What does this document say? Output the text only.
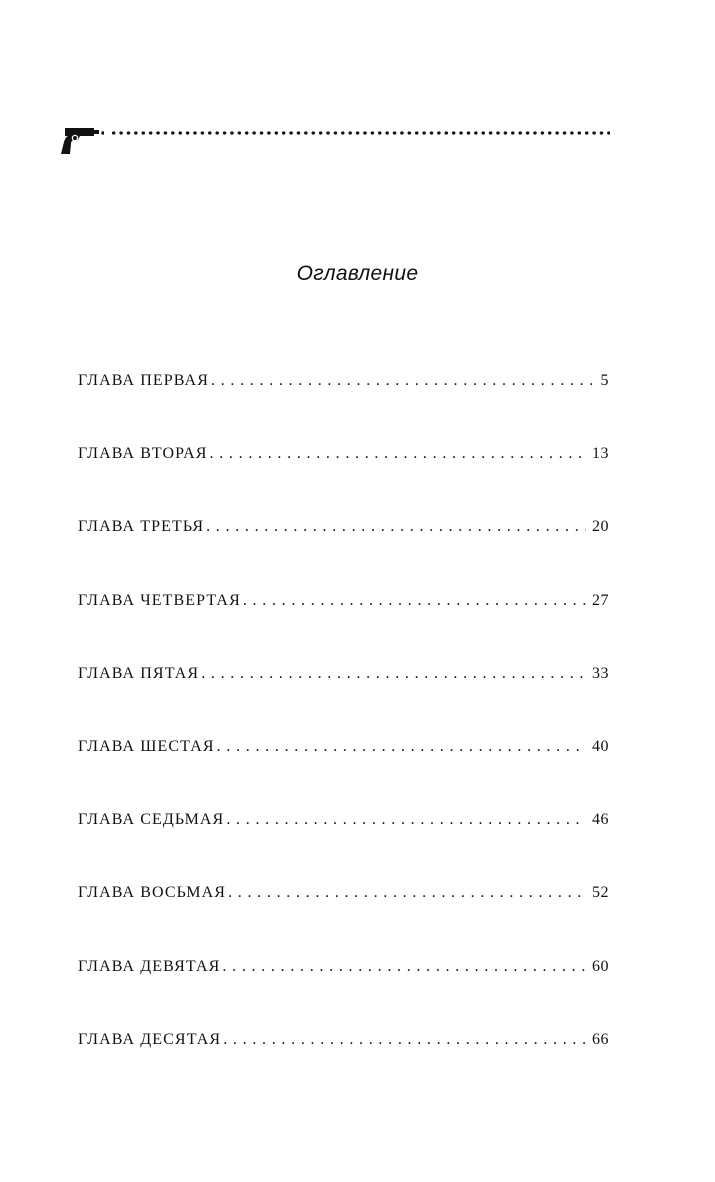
Оглавление
ГЛАВА ПЕРВАЯ . . .	5
ГЛАВА ВТОРАЯ . . .	13
ГЛАВА ТРЕТЬЯ . . .	20
ГЛАВА ЧЕТВЕРТАЯ . . .	27
ГЛАВА ПЯТАЯ . . .	33
ГЛАВА ШЕСТАЯ . . .	40
ГЛАВА СЕДЬМАЯ . . .	46
ГЛАВА ВОСЬМАЯ . . .	52
ГЛАВА ДЕВЯТАЯ . . .	60
ГЛАВА ДЕСЯТАЯ . . .	66
